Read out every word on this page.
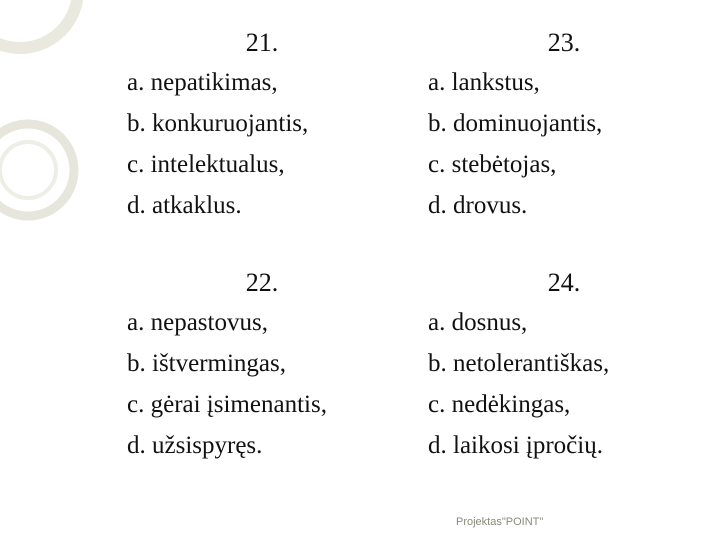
21.
a. nepatikimas,
b. konkuruojantis,
c. intelektualus,
d. atkaklus.
23.
a. lankstus,
b. dominuojantis,
c. stebėtojas,
d. drovus.
22.
a. nepastovus,
b. ištvermingas,
c. gėrai įsimenantis,
d. užsispyręs.
24.
a. dosnus,
b. netolerantiškas,
c. nedėkingas,
d. laikosi įpročių.
Projektas"POINT"
